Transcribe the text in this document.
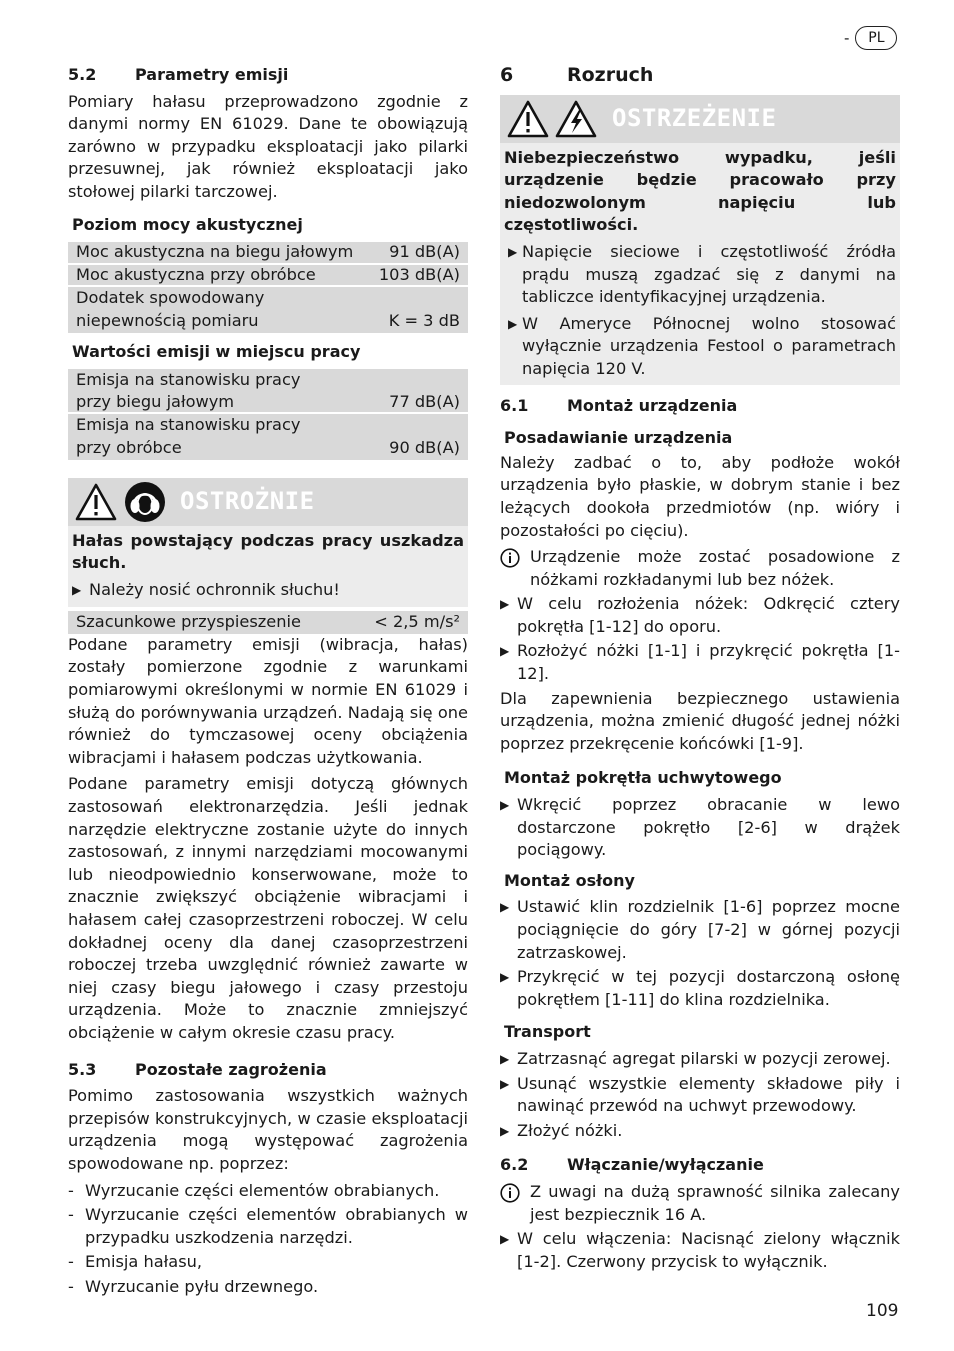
-	PL
5.2	Parametry emisji

Pomiary hałasu przeprowadzono zgodnie z danymi normy EN 61029. Dane te obowiązują zarówno w przypadku eksploatacji jako pilarki przesuwnej, jak również eksploatacji jako stołowej pilarki tarczowej.

Poziom mocy akustycznej
Moc akustyczna na biegu jałowym 91 dB(A)
Moc akustyczna przy obróbce	103 dB(A)
Dodatek spowodowany
niepewnością pomiaru	K = 3 dB
Wartości emisji w miejscu pracy
Emisja na stanowisku pracy
przy biegu jałowym	77 dB(A)
Emisja na stanowisku pracy
przy obróbce	90 dB(A)
OSTROŻNIE

Hałas powstający podczas pracy uszkadza słuch.

▶ Należy nosić ochronnik słuchu!
Szacunkowe przyspieszenie	< 2,5 m/s²

Podane parametry emisji (wibracja, hałas) zostały pomierzone zgodnie z warunkami pomiarowymi określonymi w normie EN 61029 i służą do porównywania urządzeń. Nadają się one również do tymczasowej oceny obciążenia wibracjami i hałasem podczas użytkowania.

Podane parametry emisji dotyczą głównych zastosowań elektronarzędzia. Jeśli jednak narzędzie elektryczne zostanie użyte do innych zastosowań, z innymi narzędziami mocowanymi lub nieodpowiednio konserwowane, może to znacznie zwiększyć obciążenie wibracjami i hałasem całej czasoprzestrzeni roboczej. W celu dokładnej oceny dla danej czasoprzestrzeni roboczej trzeba uwzględnić również zawarte w niej czasy biegu jałowego i czasy przestoju urządzenia. Może to znacznie zmniejszyć obciążenie w całym okresie czasu pracy.

5.3	Pozostałe zagrożenia

Pomimo zastosowania wszystkich ważnych przepisów konstrukcyjnych, w czasie eksploatacji urządzenia mogą występować zagrożenia spowodowane np. poprzez:

- Wyrzucanie części elementów obrabianych.
- Wyrzucanie części elementów obrabianych w przypadku uszkodzenia narzędzi.
- Emisja hałasu,
- Wyrzucanie pyłu drzewnego.
6	Rozruch
OSTRZEŻENIE

Niebezpieczeństwo wypadku, jeśli urządzenie będzie pracowało przy niedozwolonym napięciu lub częstotliwości.

▶ Napięcie sieciowe i częstotliwość źródła prądu muszą zgadzać się z danymi na tabliczce identyfikacyjnej urządzenia.
▶ W Ameryce Północnej wolno stosować wyłącznie urządzenia Festool o parametrach napięcia 120 V.
6.1	Montaż urządzenia
Posadawianie urządzenia

Należy zadbać o to, aby podłoże wokół urządzenia było płaskie, w dobrym stanie i bez leżących dookoła przedmiotów (np. wióry i pozostałości po cięciu).

Urządzenie może zostać posadowione z nóżkami rozkładanymi lub bez nóżek.
▶ W celu rozłożenia nóżek: Odkręcić cztery pokrętła [1-12] do oporu.
▶ Rozłożyć nóżki [1-1] i przykręcić pokrętła [1-12].

Dla zapewnienia bezpiecznego ustawienia urządzenia, można zmienić długość jednej nóżki poprzez przekręcenie końcówki [1-9].

Montaż pokrętła uchwytowego
▶ Wkręcić poprzez obracanie w lewo dostarczone pokrętło [2-6] w drążek pociągowy.
Montaż osłony
▶ Ustawić klin rozdzielnik [1-6] poprzez mocne pociągnięcie do góry [7-2] w górnej pozycji zatrzaskowej.
▶ Przykręcić w tej pozycji dostarczoną osłonę pokrętłem [1-11] do klina rozdzielnika.
Transport
▶ Zatrzasnąć agregat pilarski w pozycji zerowej.
▶ Usunąć wszystkie elementy składowe piły i nawinąć przewód na uchwyt przewodowy.
▶ Złożyć nóżki.
6.2	Włączanie/wyłączanie
Z uwagi na dużą sprawność silnika zalecany jest bezpiecznik 16 A.
▶ W celu włączenia: Nacisnąć zielony włącznik [1-2]. Czerwony przycisk to wyłącznik.
109
